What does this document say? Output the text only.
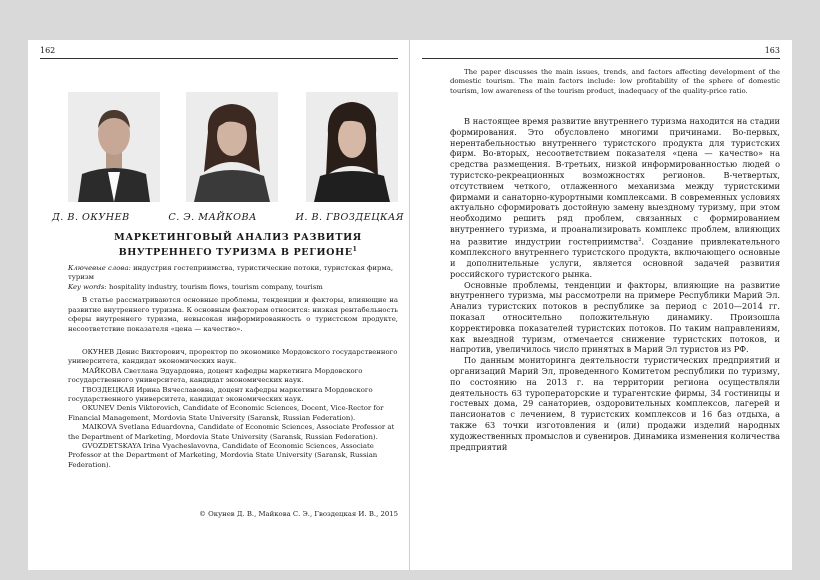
162
Д. В. ОКУНЕВ	С. Э. МАЙКОВА	И. В. ГВОЗДЕЦКАЯ
МАРКЕТИНГОВЫЙ АНАЛИЗ РАЗВИТИЯ
ВНУТРЕННЕГО ТУРИЗМА В РЕГИОНЕ$^1$
Ключевые слова: индустрия гостеприимства, туристические потоки, туристская фирма, туризм
Key words: hospitality industry, tourism flows, tourism company, tourism
В статье рассматриваются основные проблемы, тенденции и факторы, влияющие на развитие внутреннего туризма. К основным факторам относится: низкая рентабельность сферы внутреннего туризма, невысокая информированность о туристском продукте, несоответствие показателя «цена — качество».

ОКУНЕВ Денис Викторович, проректор по экономике Мордовского государственного университета, кандидат экономических наук.

МАЙКОВА Светлана Эдуардовна, доцент кафедры маркетинга Мордовского государственного университета, кандидат экономических наук.

ГВОЗДЕЦКАЯ Ирина Вячеславовна, доцент кафедры маркетинга Мордовского государственного университета, кандидат экономических наук.

OKUNEV Denis Viktorovich, Candidate of Economic Sciences, Docent, Vice-Rector for Financial Management, Mordovia State University (Saransk, Russian Federation).

MAIKOVA Svetlana Eduardovna, Candidate of Economic Sciences, Associate Professor at the Department of Marketing, Mordovia State University (Saransk, Russian Federation).

GVOZDETSKAYA Irina Vyacheslavovna, Candidate of Economic Sciences, Associate Professor at the Department of Marketing, Mordovia State University (Saransk, Russian Federation).

© Окунев Д. В., Майкова С. Э., Гвоздецкая И. В., 2015
163
The paper discusses the main issues, trends, and factors affecting development of the domestic tourism. The main factors include: low profitability of the sphere of domestic tourism, low awareness of the tourism product, inadequacy of the quality-price ratio.

В настоящее время развитие внутреннего туризма находится на стадии формирования. Это обусловлено многими причинами. Во-первых, нерентабельностью внутреннего туристского продукта для туристских фирм. Во-вторых, несоответствием показателя «цена — качество» на средства размещения. В-третьих, низкой информированностью людей о туристско-рекреационных возможностях регионов. В-четвертых, отсутствием четкого, отлаженного механизма между туристскими фирмами и санаторно-курортными комплексами. В современных условиях актуально сформировать достойную замену выездному туризму, при этом необходимо решить ряд проблем, связанных с формированием внутреннего туризма, и проанализировать комплекс проблем, влияющих на развитие индустрии гостеприимства$^2$. Создание привлекательного комплексного внутреннего туристского продукта, включающего основные и дополнительные услуги, является основной задачей развития российского туристского рынка.

Основные проблемы, тенденции и факторы, влияющие на развитие внутреннего туризма, мы рассмотрели на примере Республики Марий Эл. Анализ туристских потоков в республике за период с 2010—2014 гг. показал относительно положительную динамику. Произошла корректировка показателей туристских потоков. По таким направлениям, как выездной туризм, отмечается снижение туристских потоков, и напротив, увеличилось число принятых в Марий Эл туристов из РФ.

По данным мониторинга деятельности туристических предприятий и организаций Марий Эл, проведенного Комитетом республики по туризму, по состоянию на 2013 г. на территории региона осуществляли деятельность 63 туроператорские и турагентские фирмы, 34 гостиницы и гостевых дома, 29 санаториев, оздоровительных комплексов, лагерей и пансионатов с лечением, 8 туристских комплексов и 16 баз отдыха, а также 63 точки изготовления и (или) продажи изделий народных художественных промыслов и сувениров. Динамика изменения количества предприятий
